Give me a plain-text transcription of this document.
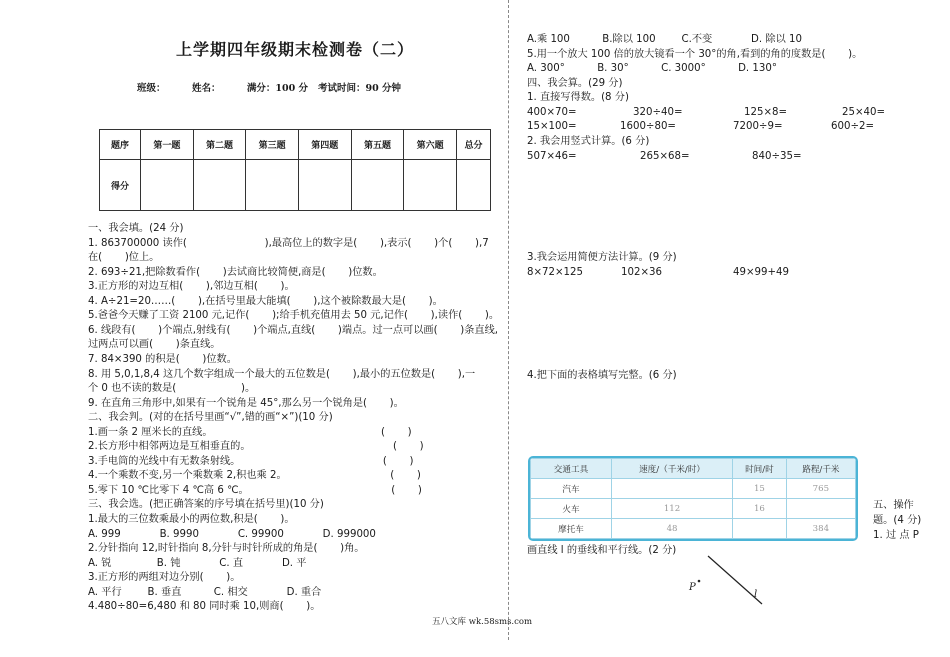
上学期四年级期末检测卷（二）
班级：        姓名：        满分：100 分   考试时间：90 分钟
题序	第一题	第二题	第三题	第四题	第五题	第六题	总分
得分							
一、我会填。(24 分)
1. 863700000 读作(                        ),最高位上的数字是(       ),表示(       )个(       ),7
在(       )位上。
2. 693÷21,把除数看作(       )去试商比较简便,商是(       )位数。
3.正方形的对边互相(       ),邻边互相(       )。
4. A÷21=20……(       ),在括号里最大能填(       ),这个被除数最大是(       )。
5.爸爸今天赚了工资 2100 元,记作(       );给手机充值用去 50 元,记作(       ),读作(       )。
6. 线段有(       )个端点,射线有(       )个端点,直线(       )端点。过一点可以画(       )条直线,
过两点可以画(       )条直线。
7. 84×390 的积是(       )位数。
8. 用 5,0,1,8,4 这几个数字组成一个最大的五位数是(       ),最小的五位数是(       ),一
个 0 也不读的数是(                    )。
9. 在直角三角形中,如果有一个锐角是 45°,那么另一个锐角是(       )。
二、我会判。(对的在括号里画“√”,错的画“×”)(10 分)
1.画一条 2 厘米长的直线。                                                    (       )
2.长方形中相邻两边是互相垂直的。                                            (       )
3.手电筒的光线中有无数条射线。                                            (       )
4.一个乘数不变,另一个乘数乘 2,积也乘 2。                                (       )
5.零下 10 ℃比零下 4 ℃高 6 ℃。                                            (       )
三、我会选。(把正确答案的序号填在括号里)(10 分)
1.最大的三位数乘最小的两位数,积是(       )。
A. 999            B. 9990            C. 99900            D. 999000
2.分针指向 12,时针指向 8,分针与时针所成的角是(       )角。
A. 锐              B. 钝            C. 直            D. 平
3.正方形的两组对边分别(       )。
A. 平行        B. 垂直          C. 相交            D. 重合
4.480÷80=6,480 和 80 同时乘 10,则商(       )。
A.乘 100          B.除以 100        C.不变            D. 除以 10
5.用一个放大 100 倍的放大镜看一个 30°的角,看到的角的度数是(       )。
A. 300°          B. 30°          C. 3000°          D. 130°
四、我会算。(29 分)
1. 直接写得数。(8 分)
400×70=	320÷40=	125×8=	25×40=
15×100=	1600÷80=	7200÷9=	600÷2=
2. 我会用竖式计算。(6 分)
507×46=	265×68=	840÷35=
3.我会运用简便方法计算。(9 分)
8×72×125	102×36	49×99+49
4.把下面的表格填写完整。(6 分)
交通工具	速度/（千米/时）	时间/时	路程/千米
汽车		15	765
火车	112	16	
摩托车	48		384
五、操作
题。(4 分)
1. 过 点 P
画直线 l 的垂线和平行线。(2 分)
P
l
五八文库 wk.58sms.com
